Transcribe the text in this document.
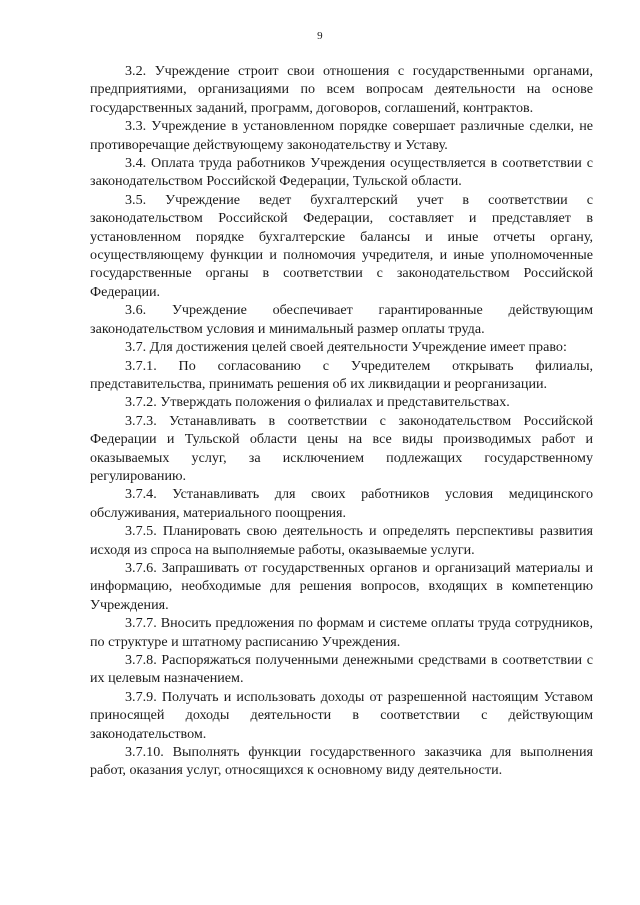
9

3.2. Учреждение строит свои отношения с государственными органами, предприятиями, организациями по всем вопросам деятельности на основе государственных заданий, программ, договоров, соглашений, контрактов.

3.3. Учреждение в установленном порядке совершает различные сделки, не противоречащие действующему законодательству и Уставу.

3.4. Оплата труда работников Учреждения осуществляется в соответствии с законодательством Российской Федерации, Тульской области.

3.5. Учреждение ведет бухгалтерский учет в соответствии с законодательством Российской Федерации, составляет и представляет в установленном порядке бухгалтерские балансы и иные отчеты органу, осуществляющему функции и полномочия учредителя, и иные уполномоченные государственные органы в соответствии с законодательством Российской Федерации.

3.6. Учреждение обеспечивает гарантированные действующим законодательством условия и минимальный размер оплаты труда.

3.7. Для достижения целей своей деятельности Учреждение имеет право:

3.7.1. По согласованию с Учредителем открывать филиалы, представительства, принимать решения об их ликвидации и реорганизации.

3.7.2. Утверждать положения о филиалах и представительствах.

3.7.3. Устанавливать в соответствии с законодательством Российской Федерации и Тульской области цены на все виды производимых работ и оказываемых услуг, за исключением подлежащих государственному регулированию.

3.7.4. Устанавливать для своих работников условия медицинского обслуживания, материального поощрения.

3.7.5. Планировать свою деятельность и определять перспективы развития исходя из спроса на выполняемые работы, оказываемые услуги.

3.7.6. Запрашивать от государственных органов и организаций материалы и информацию, необходимые для решения вопросов, входящих в компетенцию Учреждения.

3.7.7. Вносить предложения по формам и системе оплаты труда сотрудников, по структуре и штатному расписанию Учреждения.

3.7.8. Распоряжаться полученными денежными средствами в соответствии с их целевым назначением.

3.7.9. Получать и использовать доходы от разрешенной настоящим Уставом приносящей доходы деятельности в соответствии с действующим законодательством.

3.7.10. Выполнять функции государственного заказчика для выполнения работ, оказания услуг, относящихся к основному виду деятельности.
